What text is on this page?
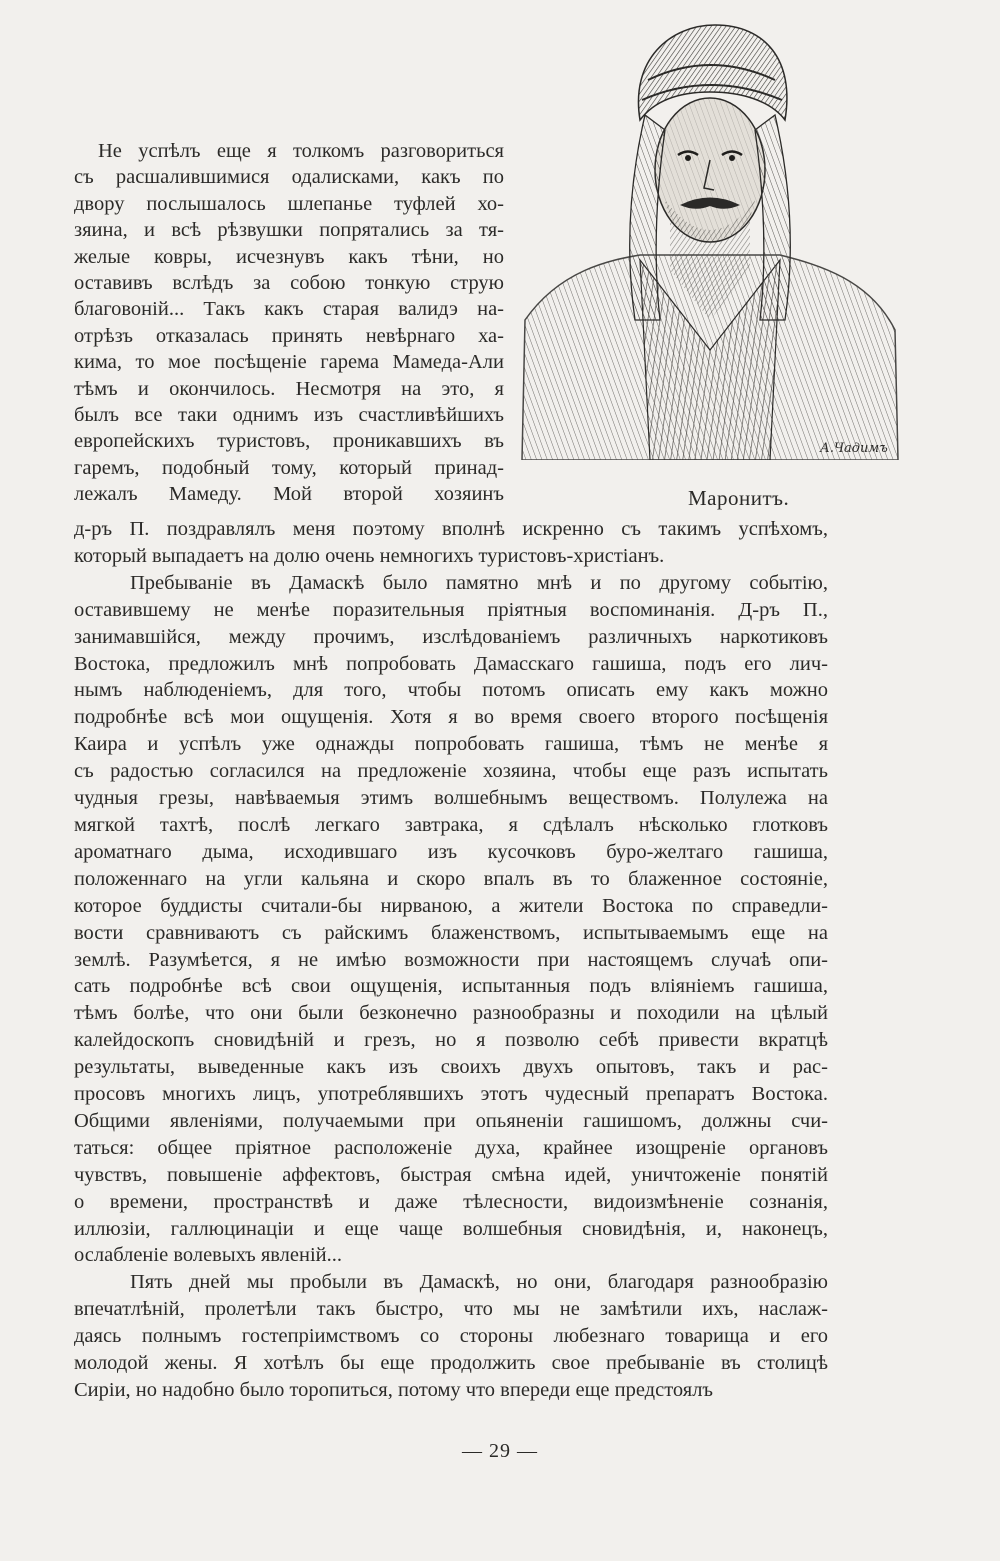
А.Чадимъ
Маронитъ.
Не успѣлъ еще я толкомъ разговориться
съ расшалившимися одалисками, какъ по
двору послышалось шлепанье туфлей хо-
зяина, и всѣ рѣзвушки попрятались за тя-
желые ковры, исчезнувъ какъ тѣни, но
оставивъ вслѣдъ за собою тонкую струю
благовоній... Такъ какъ старая валидэ на-
отрѣзъ отказалась принять невѣрнаго ха-
кима, то мое посѣщеніе гарема Мамеда-Али
тѣмъ и окончилось. Несмотря на это, я
былъ все таки однимъ изъ счастливѣйшихъ
европейскихъ туристовъ, проникавшихъ въ
гаремъ, подобный тому, который принад-
лежалъ Мамеду. Мой второй хозяинъ
д-ръ П. поздравлялъ меня поэтому вполнѣ искренно съ такимъ успѣхомъ,
который выпадаетъ на долю очень немногихъ туристовъ-христіанъ.
Пребываніе въ Дамаскѣ было памятно мнѣ и по другому событію,
оставившему не менѣе поразительныя пріятныя воспоминанія. Д-ръ П.,
занимавшійся, между прочимъ, изслѣдованіемъ различныхъ наркотиковъ
Востока, предложилъ мнѣ попробовать Дамасскаго гашиша, подъ его лич-
нымъ наблюденіемъ, для того, чтобы потомъ описать ему какъ можно
подробнѣе всѣ мои ощущенія. Хотя я во время своего второго посѣщенія
Каира и успѣлъ уже однажды попробовать гашиша, тѣмъ не менѣе я
съ радостью согласился на предложеніе хозяина, чтобы еще разъ испытать
чудныя грезы, навѣваемыя этимъ волшебнымъ веществомъ. Полулежа на
мягкой тахтѣ, послѣ легкаго завтрака, я сдѣлалъ нѣсколько глотковъ
ароматнаго дыма, исходившаго изъ кусочковъ буро-желтаго гашиша,
положеннаго на угли кальяна и скоро впалъ въ то блаженное состояніе,
которое буддисты считали-бы нирваною, а жители Востока по справедли-
вости сравниваютъ съ райскимъ блаженствомъ, испытываемымъ еще на
землѣ. Разумѣется, я не имѣю возможности при настоящемъ случаѣ опи-
сать подробнѣе всѣ свои ощущенія, испытанныя подъ вліяніемъ гашиша,
тѣмъ болѣе, что они были безконечно разнообразны и походили на цѣлый
калейдоскопъ сновидѣній и грезъ, но я позволю себѣ привести вкратцѣ
результаты, выведенные какъ изъ своихъ двухъ опытовъ, такъ и рас-
просовъ многихъ лицъ, употреблявшихъ этотъ чудесный препаратъ Востока.
Общими явленіями, получаемыми при опьяненіи гашишомъ, должны счи-
таться: общее пріятное расположеніе духа, крайнее изощреніе органовъ
чувствъ, повышеніе аффектовъ, быстрая смѣна идей, уничтоженіе понятій
о времени, пространствѣ и даже тѣлесности, видоизмѣненіе сознанія,
иллюзіи, галлюцинаціи и еще чаще волшебныя сновидѣнія, и, наконецъ,
ослабленіе волевыхъ явленій...
Пять дней мы пробыли въ Дамаскѣ, но они, благодаря разнообразію
впечатлѣній, пролетѣли такъ быстро, что мы не замѣтили ихъ, наслаж-
даясь полнымъ гостепріимствомъ со стороны любезнаго товарища и его
молодой жены. Я хотѣлъ бы еще продолжить свое пребываніе въ столицѣ
Сиріи, но надобно было торопиться, потому что впереди еще предстоялъ
— 29 —
